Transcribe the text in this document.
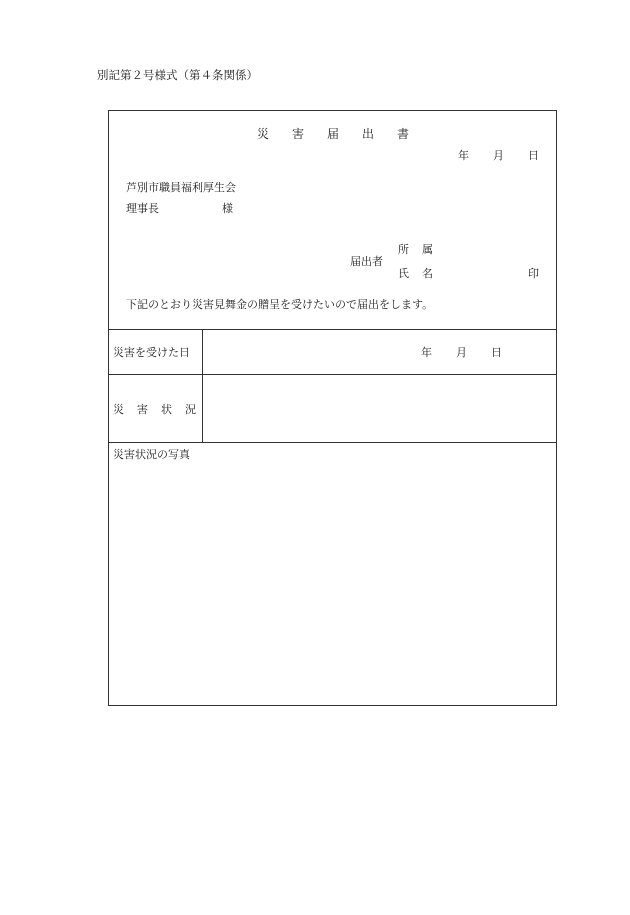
別記第２号様式（第４条関係）
災 害 届 出 書
年 月 日
芦別市職員福利厚生会
理事長	様
届出者
所 属
氏 名	印
下記のとおり災害見舞金の贈呈を受けたいので届出をします。
災害を受けた日	年 月 日
災 害 状 況
災害状況の写真
